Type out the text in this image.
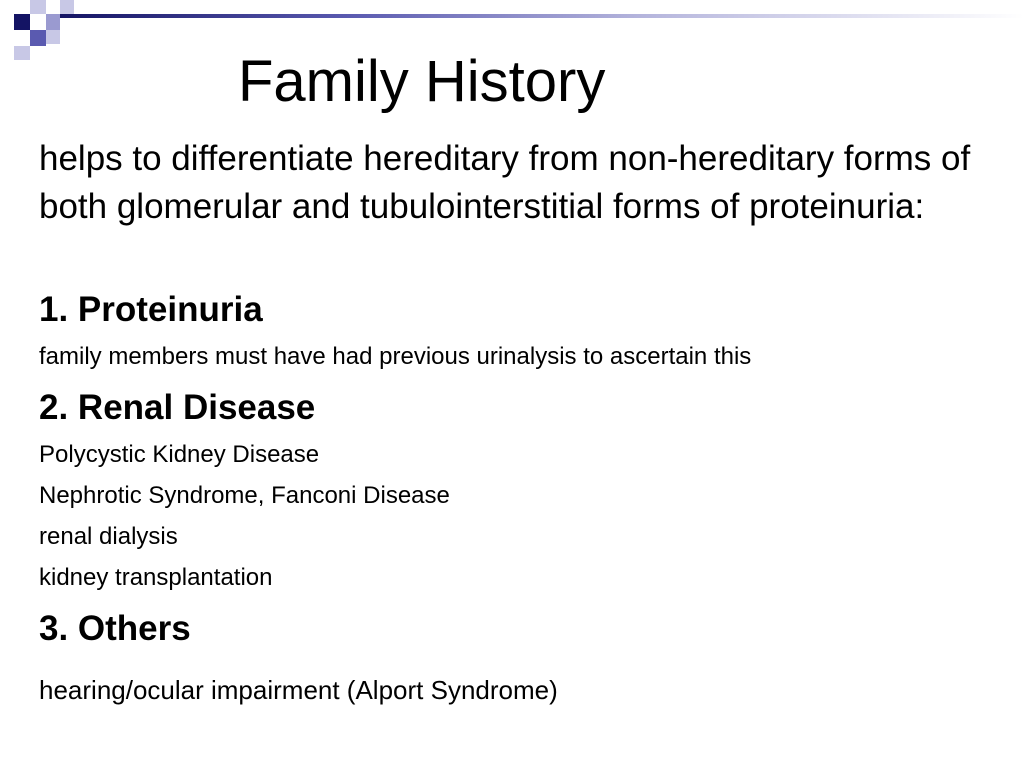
Family History
helps to differentiate hereditary from non-hereditary forms of both glomerular and tubulointerstitial forms of proteinuria:
1. Proteinuria
family members must have had previous urinalysis to ascertain this
2. Renal Disease
Polycystic Kidney Disease
Nephrotic Syndrome, Fanconi Disease
renal dialysis
kidney transplantation
3. Others
hearing/ocular impairment (Alport Syndrome)
